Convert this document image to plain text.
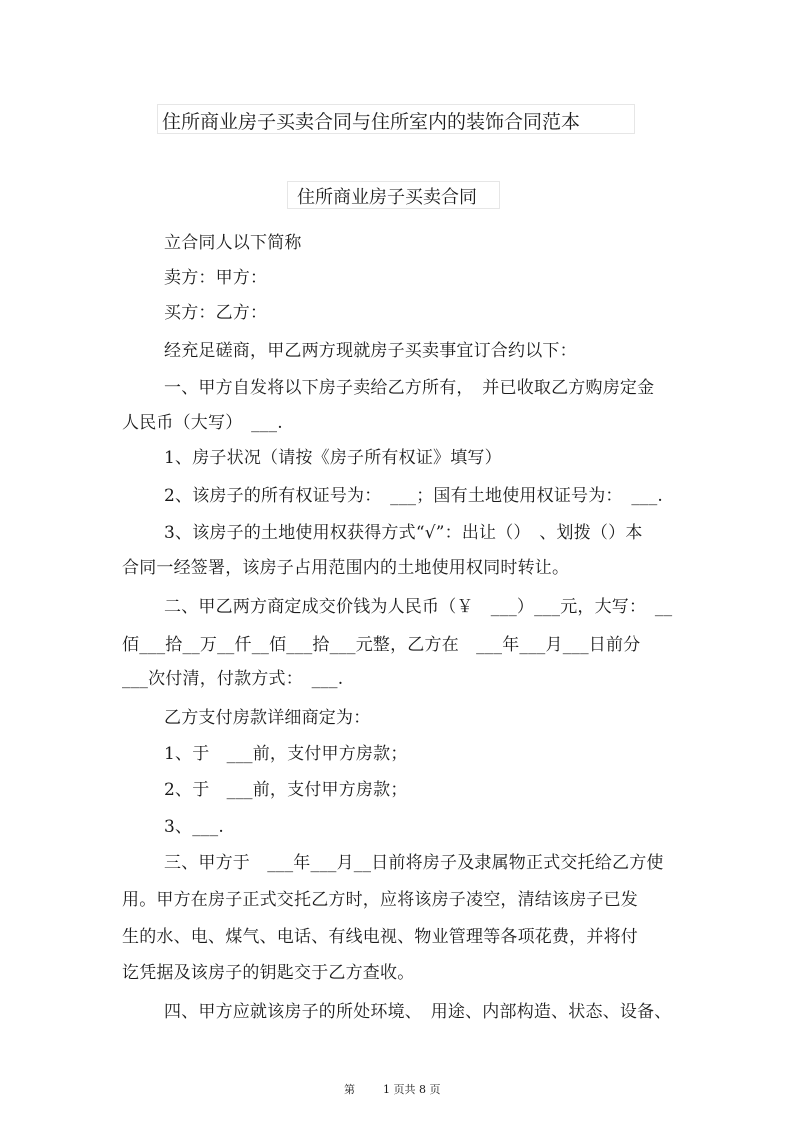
住所商业房子买卖合同与住所室内的装饰合同范本
住所商业房子买卖合同
立合同人以下简称
卖方：甲方：
买方：乙方：
经充足磋商，甲乙两方现就房子买卖事宜订合约以下：
一、甲方自发将以下房子卖给乙方所有，　并已收取乙方购房定金
人民币（大写）　___.
1、房子状况（请按《房子所有权证》填写）
2、该房子的所有权证号为：　___；国有土地使用权证号为：　___.
3、该房子的土地使用权获得方式“√”：出让（）　、划拨（）本
合同一经签署，该房子占用范围内的土地使用权同时转让。
二、甲乙两方商定成交价钱为人民币（￥　___）___元，大写：　__
佰___拾__万__仟__佰___拾___元整，乙方在　___年___月___日前分
___次付清，付款方式：　___.
乙方支付房款详细商定为：
1、于　___前，支付甲方房款；
2、于　___前，支付甲方房款；
3、___.
三、甲方于　___年___月__日前将房子及隶属物正式交托给乙方使
用。甲方在房子正式交托乙方时，应将该房子凌空，清结该房子已发
生的水、电、煤气、电话、有线电视、物业管理等各项花费，并将付
讫凭据及该房子的钥匙交于乙方查收。
四、甲方应就该房子的所处环境、　用途、内部构造、状态、设备、
第	1 页共 8 页
